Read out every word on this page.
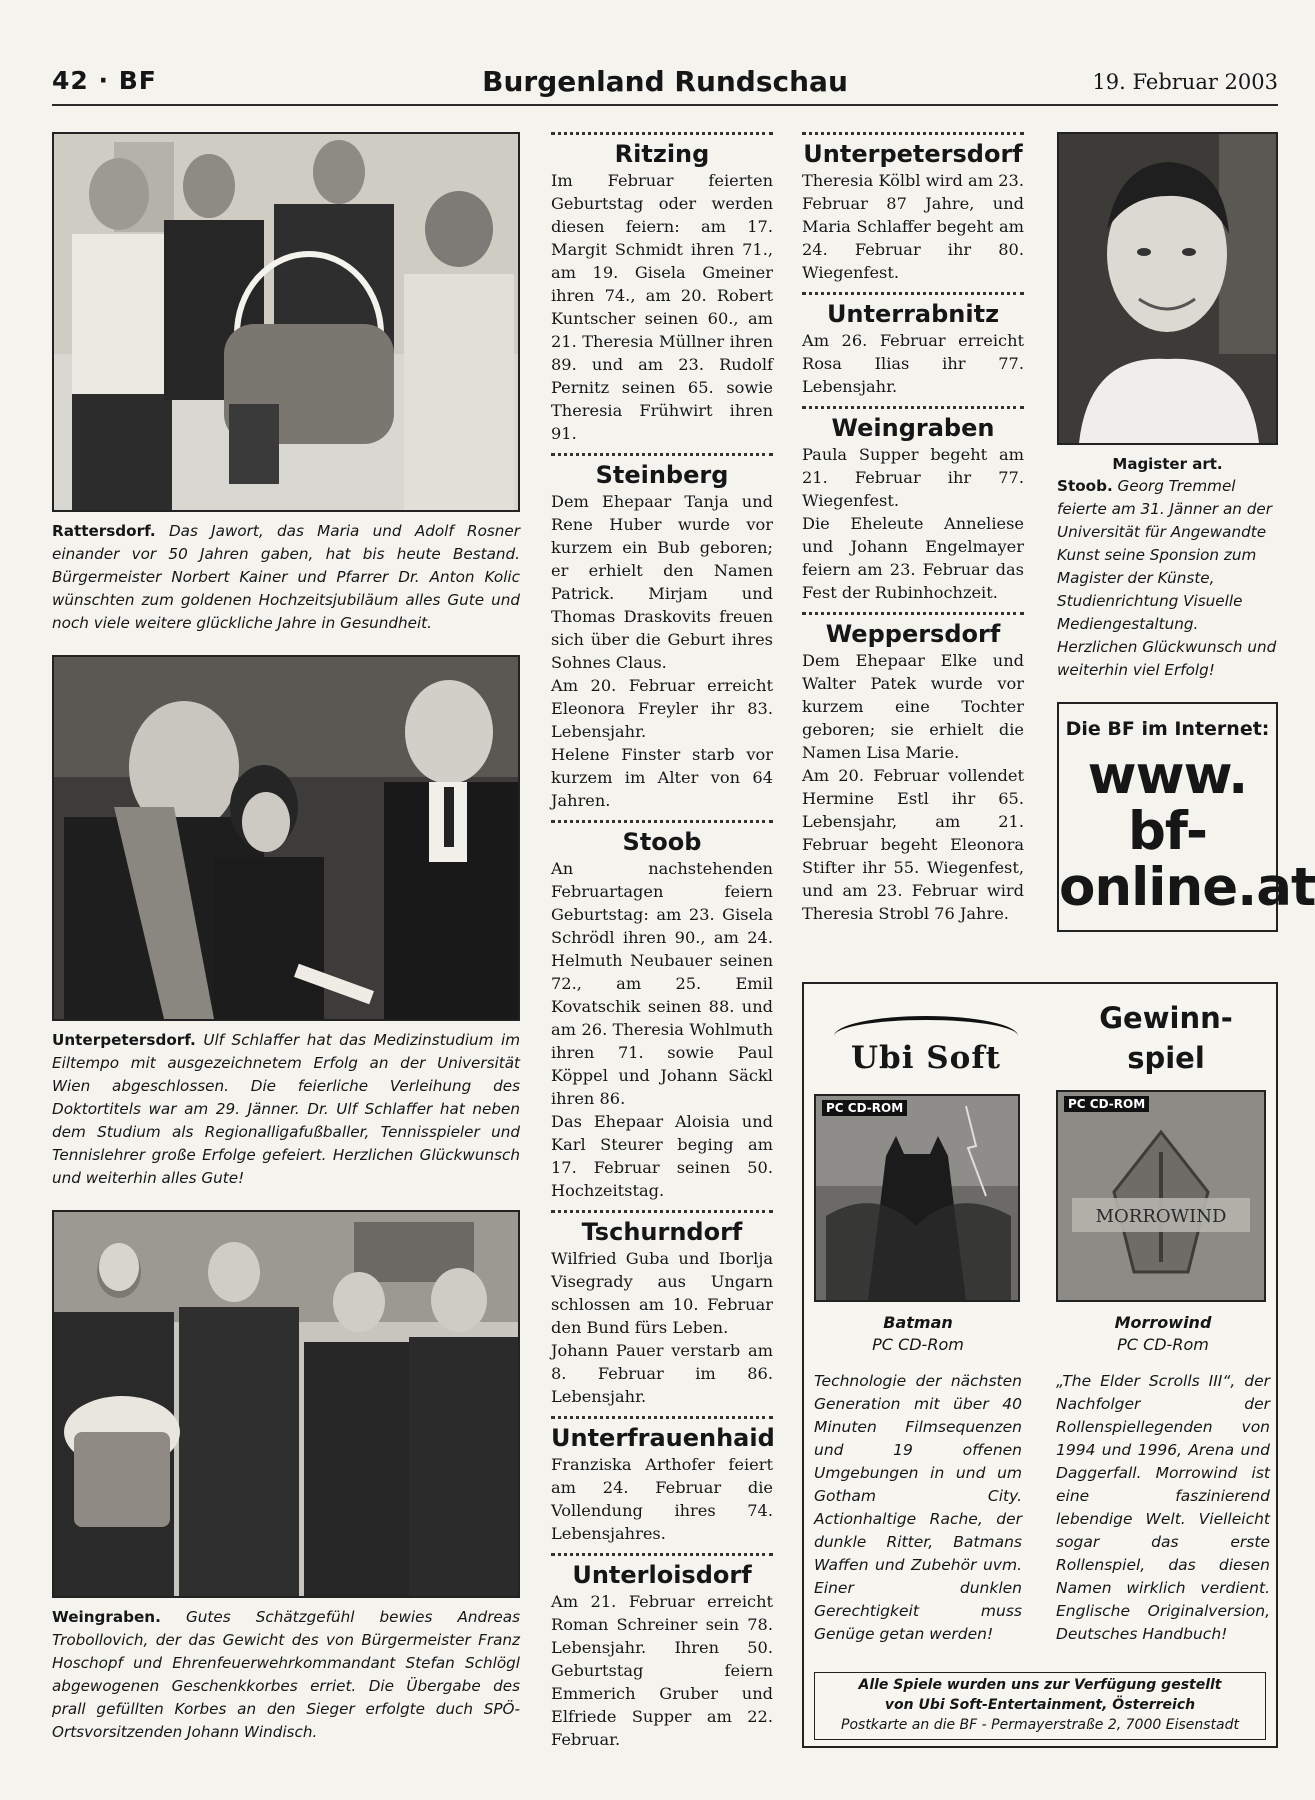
42 · BF	Burgenland Rundschau	19. Februar 2003

Rattersdorf. Das Jawort, das Maria und Adolf Rosner einander vor 50 Jahren gaben, hat bis heute Bestand. Bürgermeister Norbert Kainer und Pfarrer Dr. Anton Kolic wünschten zum goldenen Hochzeitsjubiläum alles Gute und noch viele weitere glückliche Jahre in Gesundheit.

Unterpetersdorf. Ulf Schlaffer hat das Medizinstudium im Eiltempo mit ausgezeichnetem Erfolg an der Universität Wien abgeschlossen. Die feierliche Verleihung des Doktortitels war am 29. Jänner. Dr. Ulf Schlaffer hat neben dem Studium als Regionalligafußballer, Tennisspieler und Tennislehrer große Erfolge gefeiert. Herzlichen Glückwunsch und weiterhin alles Gute!

Weingraben. Gutes Schätzgefühl bewies Andreas Trobollovich, der das Gewicht des von Bürgermeister Franz Hoschopf und Ehrenfeuerwehrkommandant Stefan Schlögl abgewogenen Geschenkkorbes erriet. Die Übergabe des prall gefüllten Korbes an den Sieger erfolgte duch SPÖ-Ortsvorsitzenden Johann Windisch.

Ritzing

Im Februar feierten Geburtstag oder werden diesen feiern: am 17. Margit Schmidt ihren 71., am 19. Gisela Gmeiner ihren 74., am 20. Robert Kuntscher seinen 60., am 21. Theresia Müllner ihren 89. und am 23. Rudolf Pernitz seinen 65. sowie Theresia Frühwirt ihren 91.

Steinberg

Dem Ehepaar Tanja und Rene Huber wurde vor kurzem ein Bub geboren; er erhielt den Namen Patrick. Mirjam und Thomas Draskovits freuen sich über die Geburt ihres Sohnes Claus.
Am 20. Februar erreicht Eleonora Freyler ihr 83. Lebensjahr.
Helene Finster starb vor kurzem im Alter von 64 Jahren.

Stoob

An nachstehenden Februartagen feiern Geburtstag: am 23. Gisela Schrödl ihren 90., am 24. Helmuth Neubauer seinen 72., am 25. Emil Kovatschik seinen 88. und am 26. Theresia Wohlmuth ihren 71. sowie Paul Köppel und Johann Säckl ihren 86.
Das Ehepaar Aloisia und Karl Steurer beging am 17. Februar seinen 50. Hochzeitstag.

Tschurndorf

Wilfried Guba und Iborlja Visegrady aus Ungarn schlossen am 10. Februar den Bund fürs Leben.
Johann Pauer verstarb am 8. Februar im 86. Lebensjahr.

Unterfrauenhaid

Franziska Arthofer feiert am 24. Februar die Vollendung ihres 74. Lebensjahres.

Unterloisdorf

Am 21. Februar erreicht Roman Schreiner sein 78. Lebensjahr. Ihren 50. Geburtstag feiern Emmerich Gruber und Elfriede Supper am 22. Februar.

Unterpetersdorf

Theresia Kölbl wird am 23. Februar 87 Jahre, und Maria Schlaffer begeht am 24. Februar ihr 80. Wiegenfest.

Unterrabnitz

Am 26. Februar erreicht Rosa Ilias ihr 77. Lebensjahr.

Weingraben

Paula Supper begeht am 21. Februar ihr 77. Wiegenfest.
Die Eheleute Anneliese und Johann Engelmayer feiern am 23. Februar das Fest der Rubinhochzeit.

Weppersdorf

Dem Ehepaar Elke und Walter Patek wurde vor kurzem eine Tochter geboren; sie erhielt die Namen Lisa Marie.
Am 20. Februar vollendet Hermine Estl ihr 65. Lebensjahr, am 21. Februar begeht Eleonora Stifter ihr 55. Wiegenfest, und am 23. Februar wird Theresia Strobl 76 Jahre.

Magister art.

Stoob. Georg Tremmel feierte am 31. Jänner an der Universität für Angewandte Kunst seine Sponsion zum Magister der Künste, Studienrichtung Visuelle Mediengestaltung. Herzlichen Glückwunsch und weiterhin viel Erfolg!

Die BF im Internet:
www.
bf-
online.at
Ubi Soft
Gewinn-
spiel
PC CD-ROM
Batman
PC CD-Rom

Technologie der nächsten Generation mit über 40 Minuten Filmsequenzen und 19 offenen Umgebungen in und um Gotham City. Actionhaltige Rache, der dunkle Ritter, Batmans Waffen und Zubehör uvm. Einer dunklen Gerechtigkeit muss Genüge getan werden!

MORROWIND
PC CD-ROM
Morrowind
PC CD-Rom

„The Elder Scrolls III“, der Nachfolger der Rollenspiellegenden von 1994 und 1996, Arena und Daggerfall. Morrowind ist eine faszinierend lebendige Welt. Vielleicht sogar das erste Rollenspiel, das diesen Namen wirklich verdient. Englische Originalversion, Deutsches Handbuch!

Alle Spiele wurden uns zur Verfügung gestellt
von Ubi Soft-Entertainment, Österreich
Postkarte an die BF - Permayerstraße 2, 7000 Eisenstadt
